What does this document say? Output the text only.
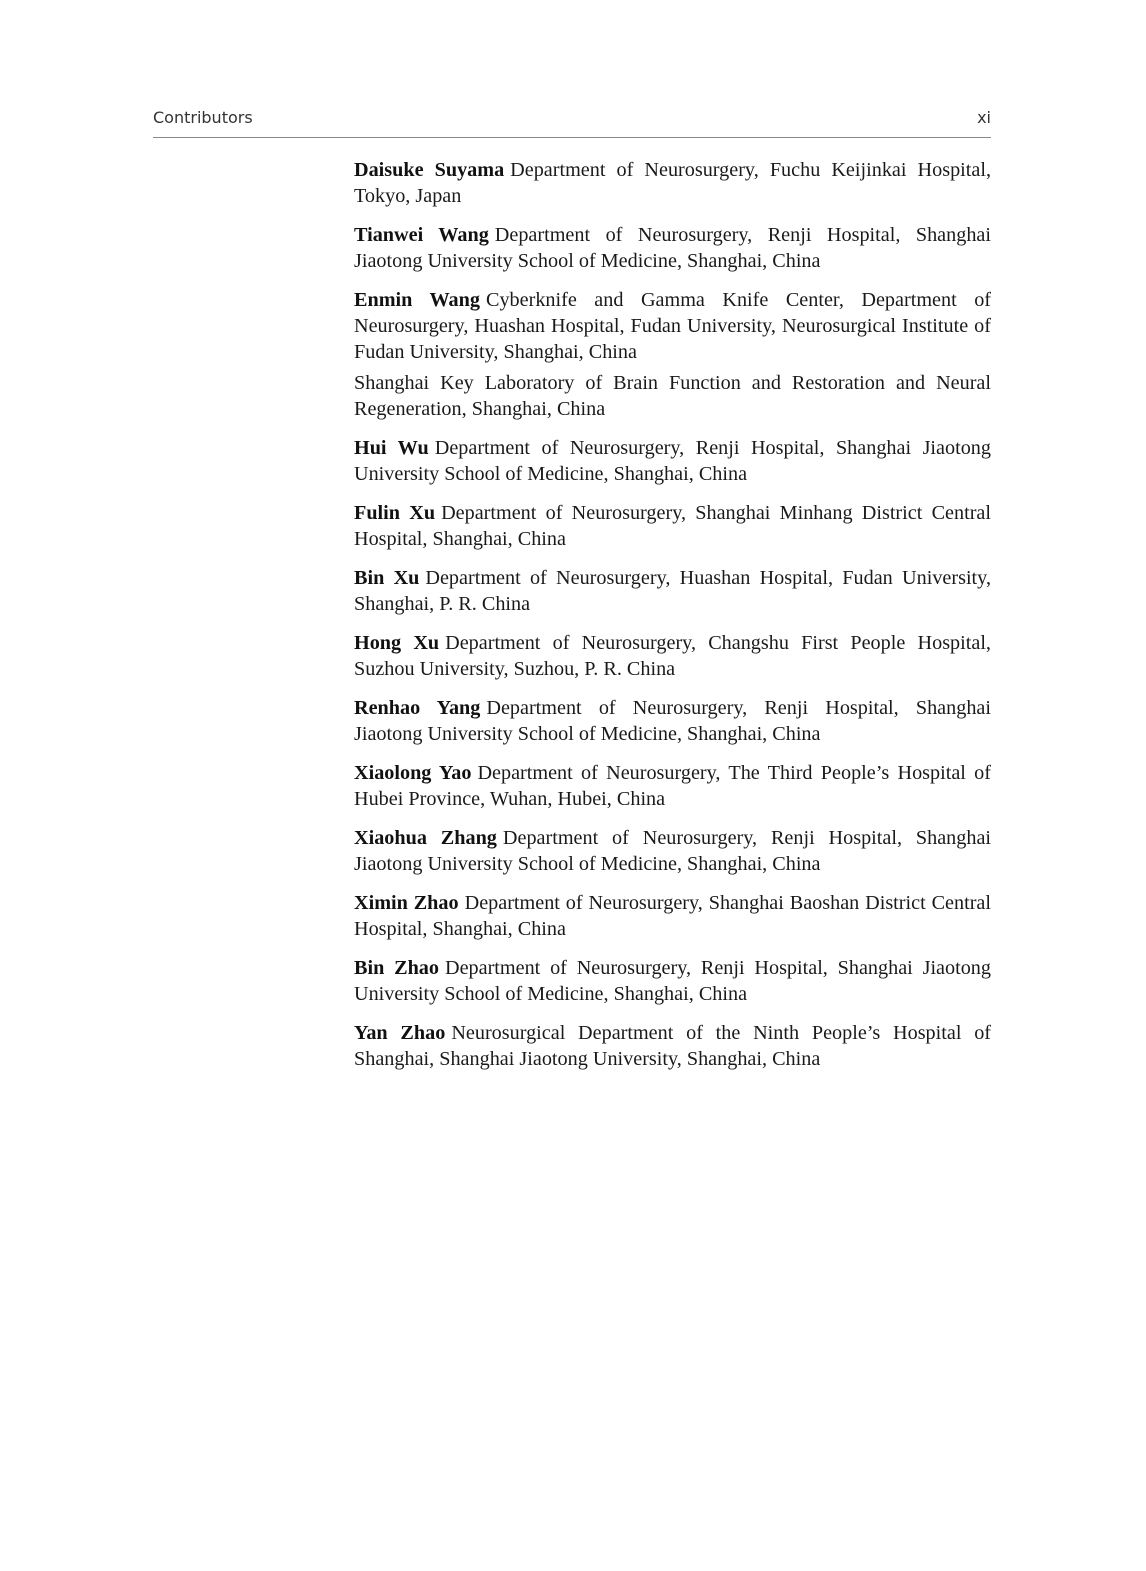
Contributors	xi

Daisuke Suyama Department of Neurosurgery, Fuchu Keijinkai Hospital, Tokyo, Japan

Tianwei Wang Department of Neurosurgery, Renji Hospital, Shanghai Jiaotong University School of Medicine, Shanghai, China

Enmin Wang Cyberknife and Gamma Knife Center, Department of Neurosurgery, Huashan Hospital, Fudan University, Neurosurgical Institute of Fudan University, Shanghai, China

Shanghai Key Laboratory of Brain Function and Restoration and Neural Regeneration, Shanghai, China

Hui Wu Department of Neurosurgery, Renji Hospital, Shanghai Jiaotong University School of Medicine, Shanghai, China

Fulin Xu Department of Neurosurgery, Shanghai Minhang District Central Hospital, Shanghai, China

Bin Xu Department of Neurosurgery, Huashan Hospital, Fudan University, Shanghai, P. R. China

Hong Xu Department of Neurosurgery, Changshu First People Hospital, Suzhou University, Suzhou, P. R. China

Renhao Yang Department of Neurosurgery, Renji Hospital, Shanghai Jiaotong University School of Medicine, Shanghai, China

Xiaolong Yao Department of Neurosurgery, The Third People’s Hospital of Hubei Province, Wuhan, Hubei, China

Xiaohua Zhang Department of Neurosurgery, Renji Hospital, Shanghai Jiaotong University School of Medicine, Shanghai, China

Ximin Zhao Department of Neurosurgery, Shanghai Baoshan District Central Hospital, Shanghai, China

Bin Zhao Department of Neurosurgery, Renji Hospital, Shanghai Jiaotong University School of Medicine, Shanghai, China

Yan Zhao Neurosurgical Department of the Ninth People’s Hospital of Shanghai, Shanghai Jiaotong University, Shanghai, China
